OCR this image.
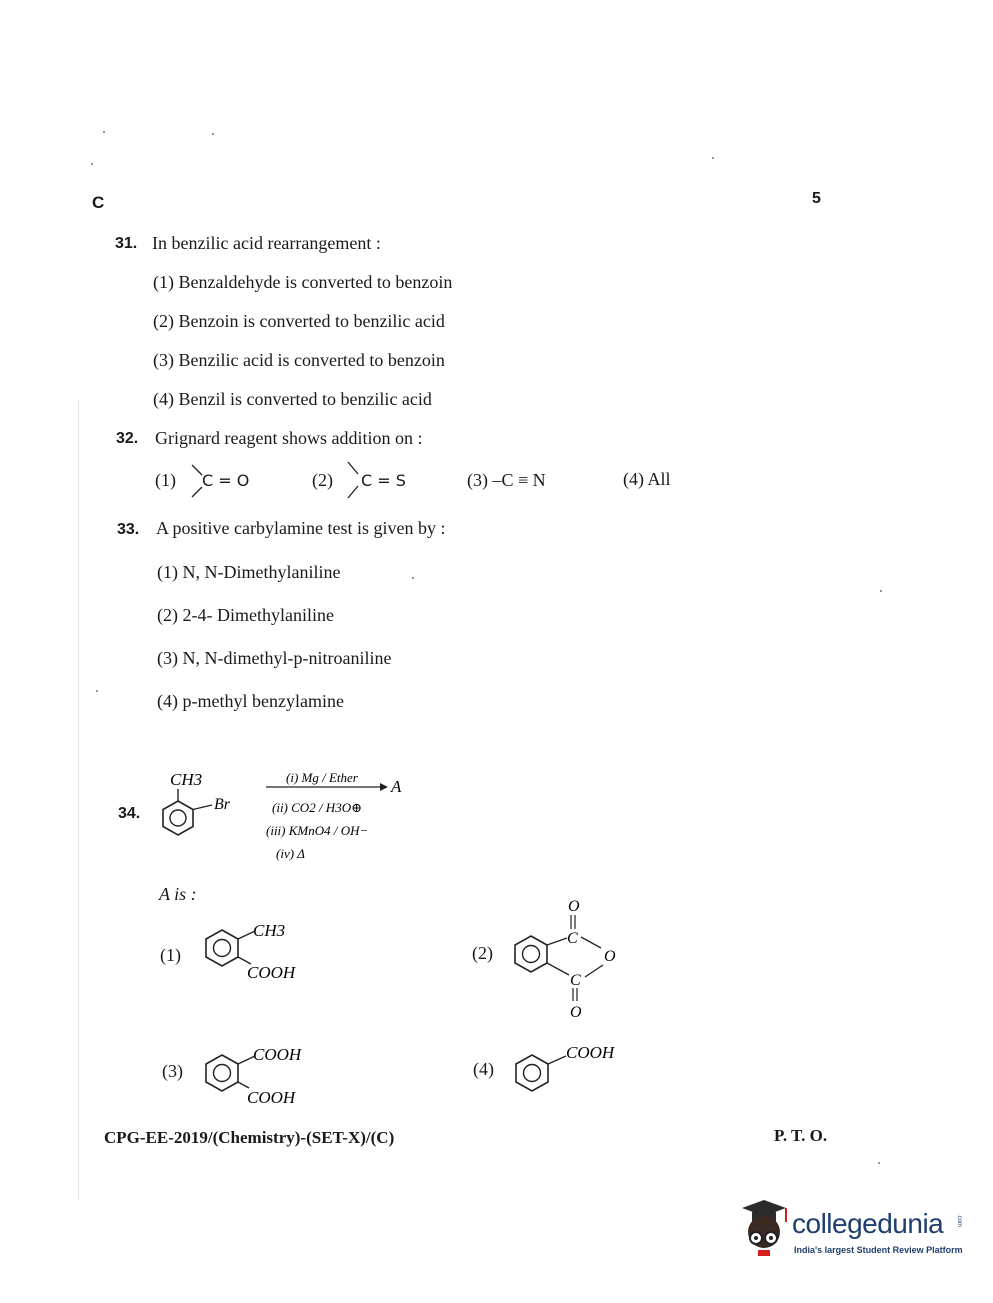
C	5
31. In benzilic acid rearrangement :
(1) Benzaldehyde is converted to benzoin
(2) Benzoin is converted to benzilic acid
(3) Benzilic acid is converted to benzoin
(4) Benzil is converted to benzilic acid
32. Grignard reagent shows addition on :
(1) C = O	(2) C = S	(3) –C ≡ N	(4) All
33. A positive carbylamine test is given by :
(1) N, N-Dimethylaniline
(2) 2-4- Dimethylaniline
(3) N, N-dimethyl-p-nitroaniline
(4) p-methyl benzylamine
34.
CH3
Br
(i) Mg / Ether A
(ii) CO2 / H3O⊕
(iii) KMnO4 / OH−
(iv) Δ
A is :
(1)
CH3
COOH
(2)
O
C
O
C
O
(3)
COOH
COOH
(4)
COOH
CPG-EE-2019/(Chemistry)-(SET-X)/(C)	P. T. O.
collegedunia .com
India's largest Student Review Platform
